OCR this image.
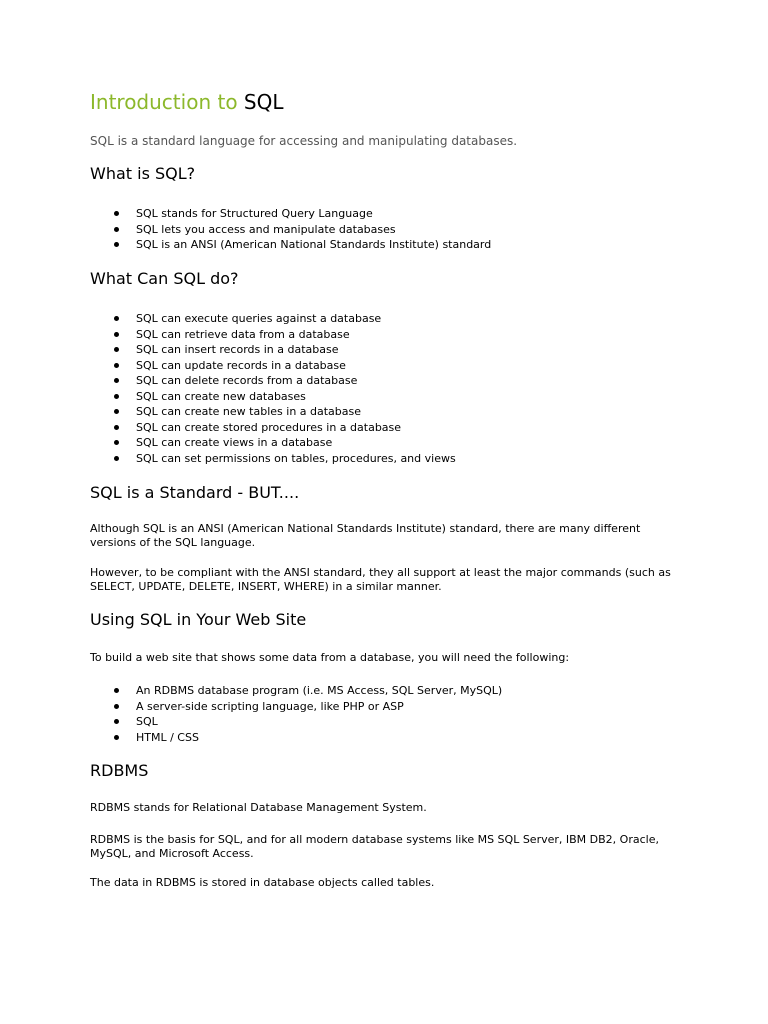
Introduction to SQL

SQL is a standard language for accessing and manipulating databases.

What is SQL?
SQL stands for Structured Query Language
SQL lets you access and manipulate databases
SQL is an ANSI (American National Standards Institute) standard
What Can SQL do?
SQL can execute queries against a database
SQL can retrieve data from a database
SQL can insert records in a database
SQL can update records in a database
SQL can delete records from a database
SQL can create new databases
SQL can create new tables in a database
SQL can create stored procedures in a database
SQL can create views in a database
SQL can set permissions on tables, procedures, and views
SQL is a Standard - BUT....

Although SQL is an ANSI (American National Standards Institute) standard, there are many different versions of the SQL language.

However, to be compliant with the ANSI standard, they all support at least the major commands (such as SELECT, UPDATE, DELETE, INSERT, WHERE) in a similar manner.

Using SQL in Your Web Site

To build a web site that shows some data from a database, you will need the following:

An RDBMS database program (i.e. MS Access, SQL Server, MySQL)
A server-side scripting language, like PHP or ASP
SQL
HTML / CSS
RDBMS

RDBMS stands for Relational Database Management System.

RDBMS is the basis for SQL, and for all modern database systems like MS SQL Server, IBM DB2, Oracle, MySQL, and Microsoft Access.

The data in RDBMS is stored in database objects called tables.
